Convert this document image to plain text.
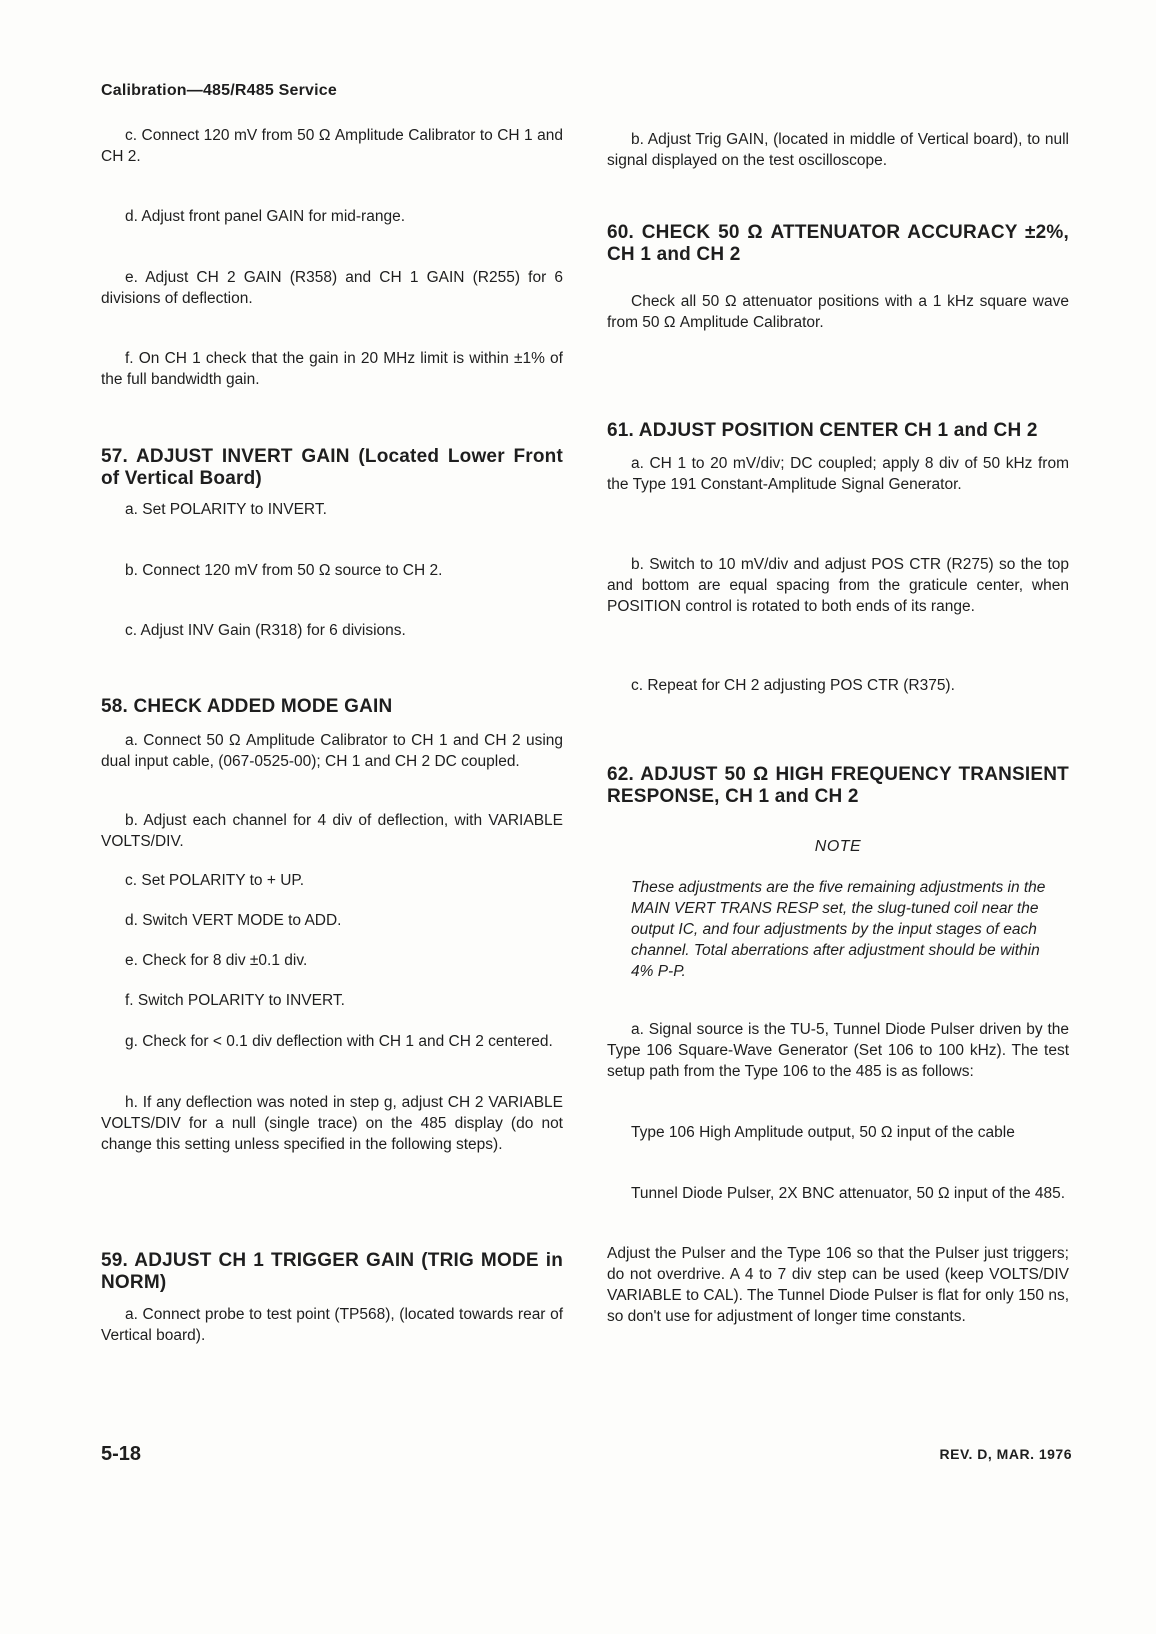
Calibration—485/R485 Service

c. Connect 120 mV from 50 Ω Amplitude Calibrator to CH 1 and CH 2.

d. Adjust front panel GAIN for mid-range.

e. Adjust CH 2 GAIN (R358) and CH 1 GAIN (R255) for 6 divisions of deflection.

f. On CH 1 check that the gain in 20 MHz limit is within ±1% of the full bandwidth gain.

57. ADJUST INVERT GAIN (Located Lower Front of Vertical Board)

a. Set POLARITY to INVERT.

b. Connect 120 mV from 50 Ω source to CH 2.

c. Adjust INV Gain (R318) for 6 divisions.

58. CHECK ADDED MODE GAIN

a. Connect 50 Ω Amplitude Calibrator to CH 1 and CH 2 using dual input cable, (067-0525-00); CH 1 and CH 2 DC coupled.

b. Adjust each channel for 4 div of deflection, with VARIABLE VOLTS/DIV.

c. Set POLARITY to + UP.

d. Switch VERT MODE to ADD.

e. Check for 8 div ±0.1 div.

f. Switch POLARITY to INVERT.

g. Check for < 0.1 div deflection with CH 1 and CH 2 centered.

h. If any deflection was noted in step g, adjust CH 2 VARIABLE VOLTS/DIV for a null (single trace) on the 485 display (do not change this setting unless specified in the following steps).

59. ADJUST CH 1 TRIGGER GAIN (TRIG MODE in NORM)

a. Connect probe to test point (TP568), (located towards rear of Vertical board).

b. Adjust Trig GAIN, (located in middle of Vertical board), to null signal displayed on the test oscilloscope.

60. CHECK 50 Ω ATTENUATOR ACCURACY ±2%, CH 1 and CH 2

Check all 50 Ω attenuator positions with a 1 kHz square wave from 50 Ω Amplitude Calibrator.

61. ADJUST POSITION CENTER CH 1 and CH 2

a. CH 1 to 20 mV/div; DC coupled; apply 8 div of 50 kHz from the Type 191 Constant-Amplitude Signal Generator.

b. Switch to 10 mV/div and adjust POS CTR (R275) so the top and bottom are equal spacing from the graticule center, when POSITION control is rotated to both ends of its range.

c. Repeat for CH 2 adjusting POS CTR (R375).

62. ADJUST 50 Ω HIGH FREQUENCY TRANSIENT RESPONSE, CH 1 and CH 2

NOTE

These adjustments are the five remaining adjustments in the MAIN VERT TRANS RESP set, the slug-tuned coil near the output IC, and four adjustments by the input stages of each channel. Total aberrations after adjustment should be within 4% P-P.

a. Signal source is the TU-5, Tunnel Diode Pulser driven by the Type 106 Square-Wave Generator (Set 106 to 100 kHz). The test setup path from the Type 106 to the 485 is as follows:

Type 106 High Amplitude output, 50 Ω input of the cable

Tunnel Diode Pulser, 2X BNC attenuator, 50 Ω input of the 485.

Adjust the Pulser and the Type 106 so that the Pulser just triggers; do not overdrive. A 4 to 7 div step can be used (keep VOLTS/DIV VARIABLE to CAL). The Tunnel Diode Pulser is flat for only 150 ns, so don't use for adjustment of longer time constants.

5-18	REV. D, MAR. 1976
